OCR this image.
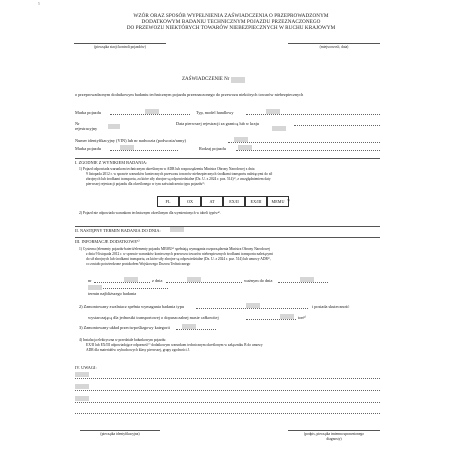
5
WZÓR ORAZ SPOSÓB WYPEŁNIENIA ZAŚWIADCZENIA O PRZEPROWADZONYM
DODATKOWYM BADANIU TECHNICZNYM POJAZDU PRZEZNACZONEGO
DO PRZEWOZU NIEKTÓRYCH TOWARÓW NIEBEZPIECZNYCH W RUCHU KRAJOWYM
(pieczątka stacji kontroli pojazdów)	(miejscowość, data)
ZAŚWIADCZENIE Nr
o przeprowadzonym dodatkowym badaniu technicznym pojazdu przeznaczonego do przewozu niektórych towarów niebezpiecznych
Marka pojazdu	Typ, model handlowy
Nr
rejestracyjny
Data pierwszej rejestracji za granicą lub w kraju
Numer identyfikacyjny (VIN) lub nr nadwozia (podwozia/ramy)
Marka pojazdu	Rodzaj pojazdu
I. ZGODNIE Z WYNIKIEM BADANIA:
1) Pojazd odpowiada warunkom technicznym określonym w ADR lub rozporządzeniu Ministra Obrony Narodowej z dnia
9 listopada 2012 r. w sprawie warunków koniecznych przewozu towarów niebezpiecznych środkami transportu należącymi do sił
zbrojnych lub środkami transportu, za które siły zbrojne są odpowiedzialne (Dz. U. z 2024 r. poz. 514)¹⁾, z uwzględnieniem daty
pierwszej rejestracji pojazdu dla określonego w tym zaświadczeniu typu pojazdu²⁾:
FL	OX	AT	EX/II	EX/III	MEMU 3)
2) Pojazd nie odpowiada warunkom technicznym określonym dla wymienionych w tabeli typów⁴⁾.
II. NASTĘPNY TERMIN BADANIA DO DNIA:
III. INFORMACJE DODATKOWE⁵⁾
1) Cysterna (elementy pojazdu-baterii/elementy pojazdu MEMU⁴⁾ spełniają wymagania rozporządzenia Ministra Obrony Narodowej
z dnia 9 listopada 2012 r. w sprawie warunków koniecznych przewozu towarów niebezpiecznych środkami transportu należącymi
do sił zbrojnych lub środkami transportu, za które siły zbrojne są odpowiedzialne (Dz. U. z 2024 r. poz. 514) lub umowy ADR⁵⁾,
co zostało potwierdzone protokołem Wojskowego Dozoru Technicznego
nr	z dnia	ważnym do dnia
termin najbliższego badania
2) Zamontowany zwalniacz spełnia wymagania badania typu	i posiada skuteczność
wystarczającą dla jednostki transportowej o dopuszczalnej masie całkowitej	ton⁶⁾
3) Zamontowany układ przeciwpoślizgowy kategorii
4) Instalacja elektryczna w przedziale ładunkowym pojazdu:
EX/II lub EX/III odpowiadające odporność⁷⁾ dodatkowym warunkom technicznym określonym w załączniku B do umowy
ADR dla materiałów wybuchowych klasy pierwszej, grupy zgodności J.
IV. UWAGI:
(pieczątka identyfikacyjna)	(podpis, pieczątka imienna uprawnionego
diagnosty)
